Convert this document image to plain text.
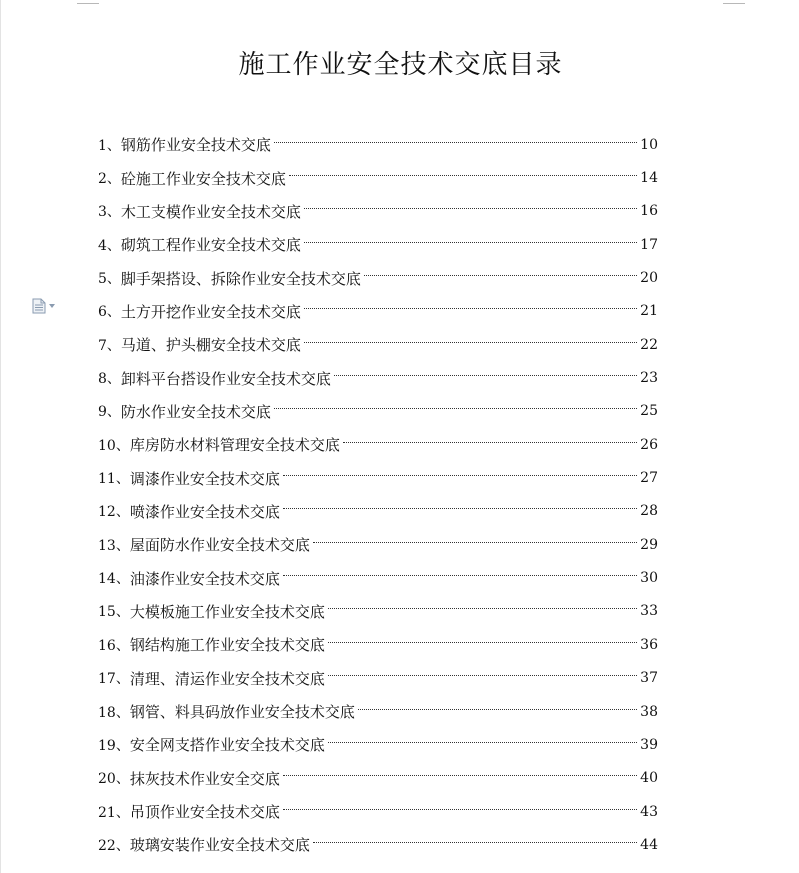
施工作业安全技术交底目录
1、 钢筋作业安全技术交底	10
2、 砼施工作业安全技术交底	14
3、 木工支模作业安全技术交底	16
4、 砌筑工程作业安全技术交底	17
5、 脚手架搭设、拆除作业安全技术交底	20
6、 土方开挖作业安全技术交底	21
7、 马道、护头棚安全技术交底	22
8、 卸料平台搭设作业安全技术交底	23
9、 防水作业安全技术交底	25
10、 库房防水材料管理安全技术交底	26
11、 调漆作业安全技术交底	27
12、 喷漆作业安全技术交底	28
13、 屋面防水作业安全技术交底	29
14、 油漆作业安全技术交底	30
15、 大模板施工作业安全技术交底	33
16、 钢结构施工作业安全技术交底	36
17、 清理、清运作业安全技术交底	37
18、 钢管、料具码放作业安全技术交底	38
19、 安全网支搭作业安全技术交底	39
20、 抹灰技术作业安全交底	40
21、 吊顶作业安全技术交底	43
22、 玻璃安装作业安全技术交底	44
